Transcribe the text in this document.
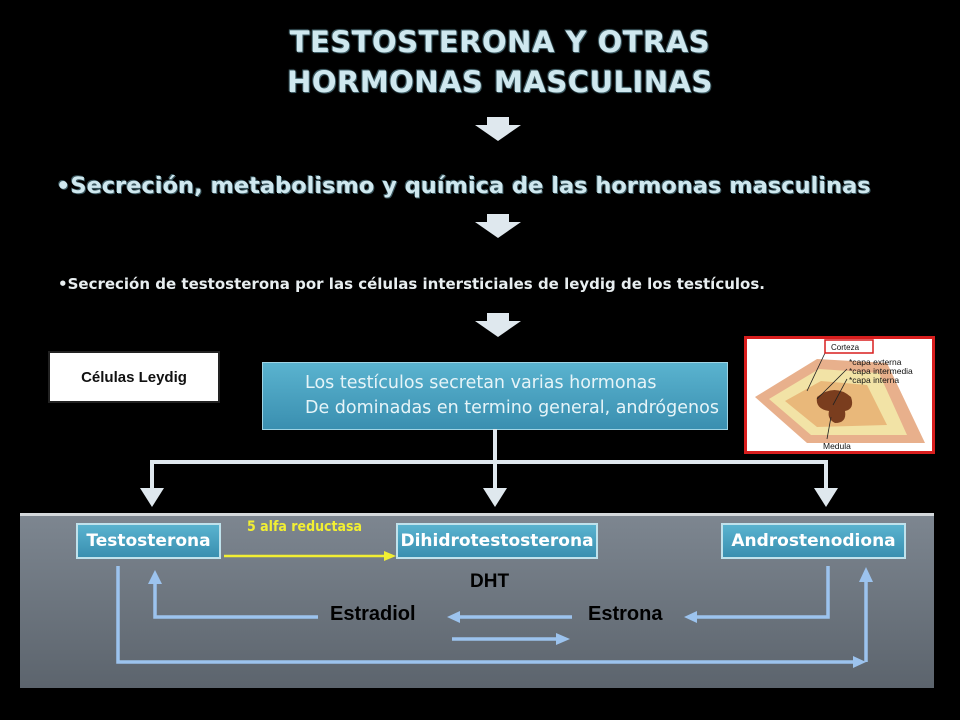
TESTOSTERONA Y OTRAS
HORMONAS MASCULINAS
•Secreción, metabolismo y química de las hormonas masculinas
•Secreción de testosterona por las células intersticiales de leydig de los testículos.
Células Leydig	Los testículos secretan varias hormonas
De dominadas en termino general, andrógenos
Corteza
*capa externa
*capa intermedia
*capa interna
Medula
Testosterona	Dihidrotestosterona	Androstenodiona
5 alfa reductasa
DHT
Estradiol	Estrona
